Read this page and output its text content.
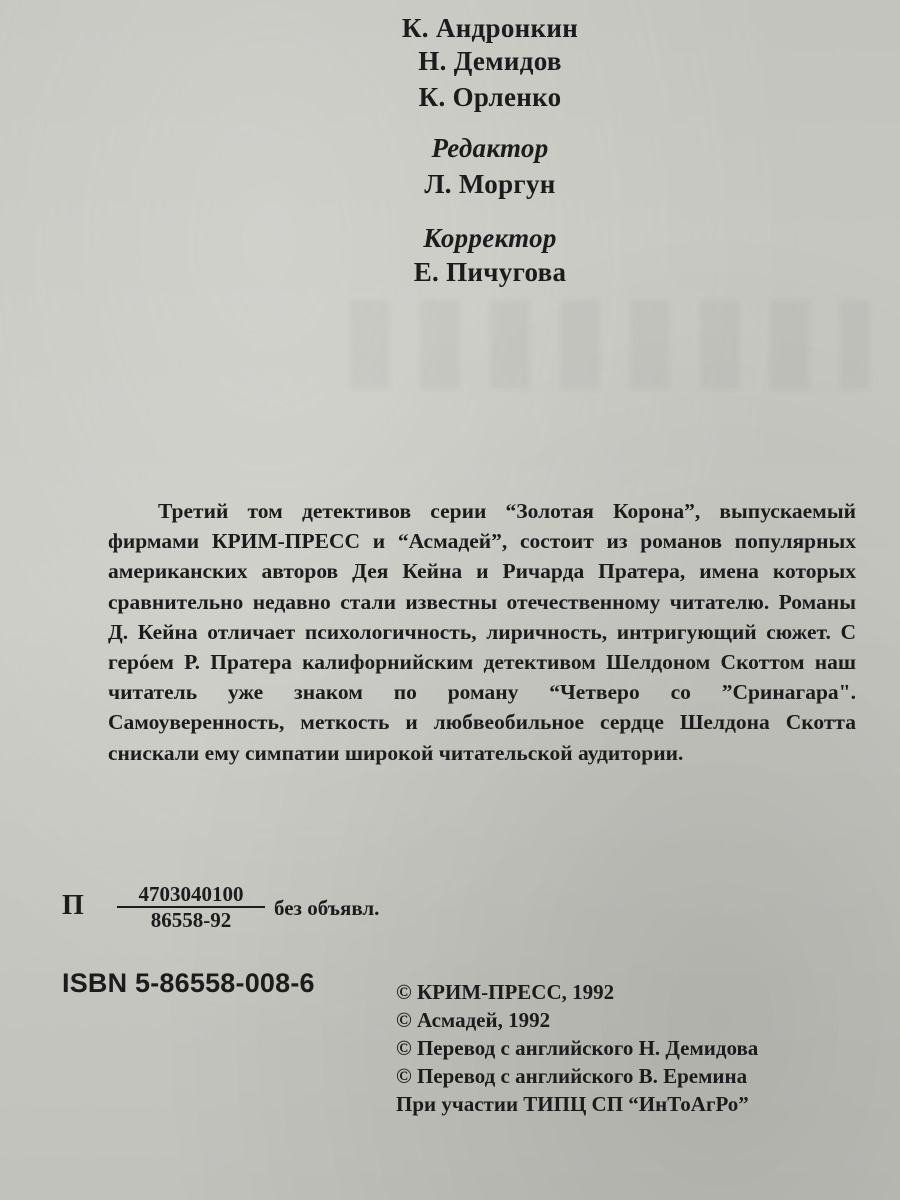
К. Андронкин
Н. Демидов
К. Орленко
Редактор
Л. Моргун
Корректор
Е. Пичугова

Третий том детективов серии “Золотая Корона”, выпускаемый фирмами КРИМ-ПРЕСС и “Асмадей”, состоит из романов популярных американских авторов Дея Кейна и Ричарда Пратера, имена которых сравнительно недавно стали известны отечественному читателю. Романы Д. Кейна отличает психологичность, лиричность, интригующий сюжет. С герóем Р. Пратера калифорнийским детективом Шелдоном Скоттом наш читатель уже знаком по роману “Четверо со ”Сринагара". Самоуверенность, меткость и любвеобильное сердце Шелдона Скотта снискали ему симпатии широкой читательской аудитории.

П $\frac{4703040100}{86558-92}$ без объявл.
ISBN 5-86558-008-6	© КРИМ-ПРЕСС, 1992
© Асмадей, 1992
© Перевод с английского Н. Демидова
© Перевод с английского В. Еремина
При участии ТИПЦ СП “ИнТоАгРо”
